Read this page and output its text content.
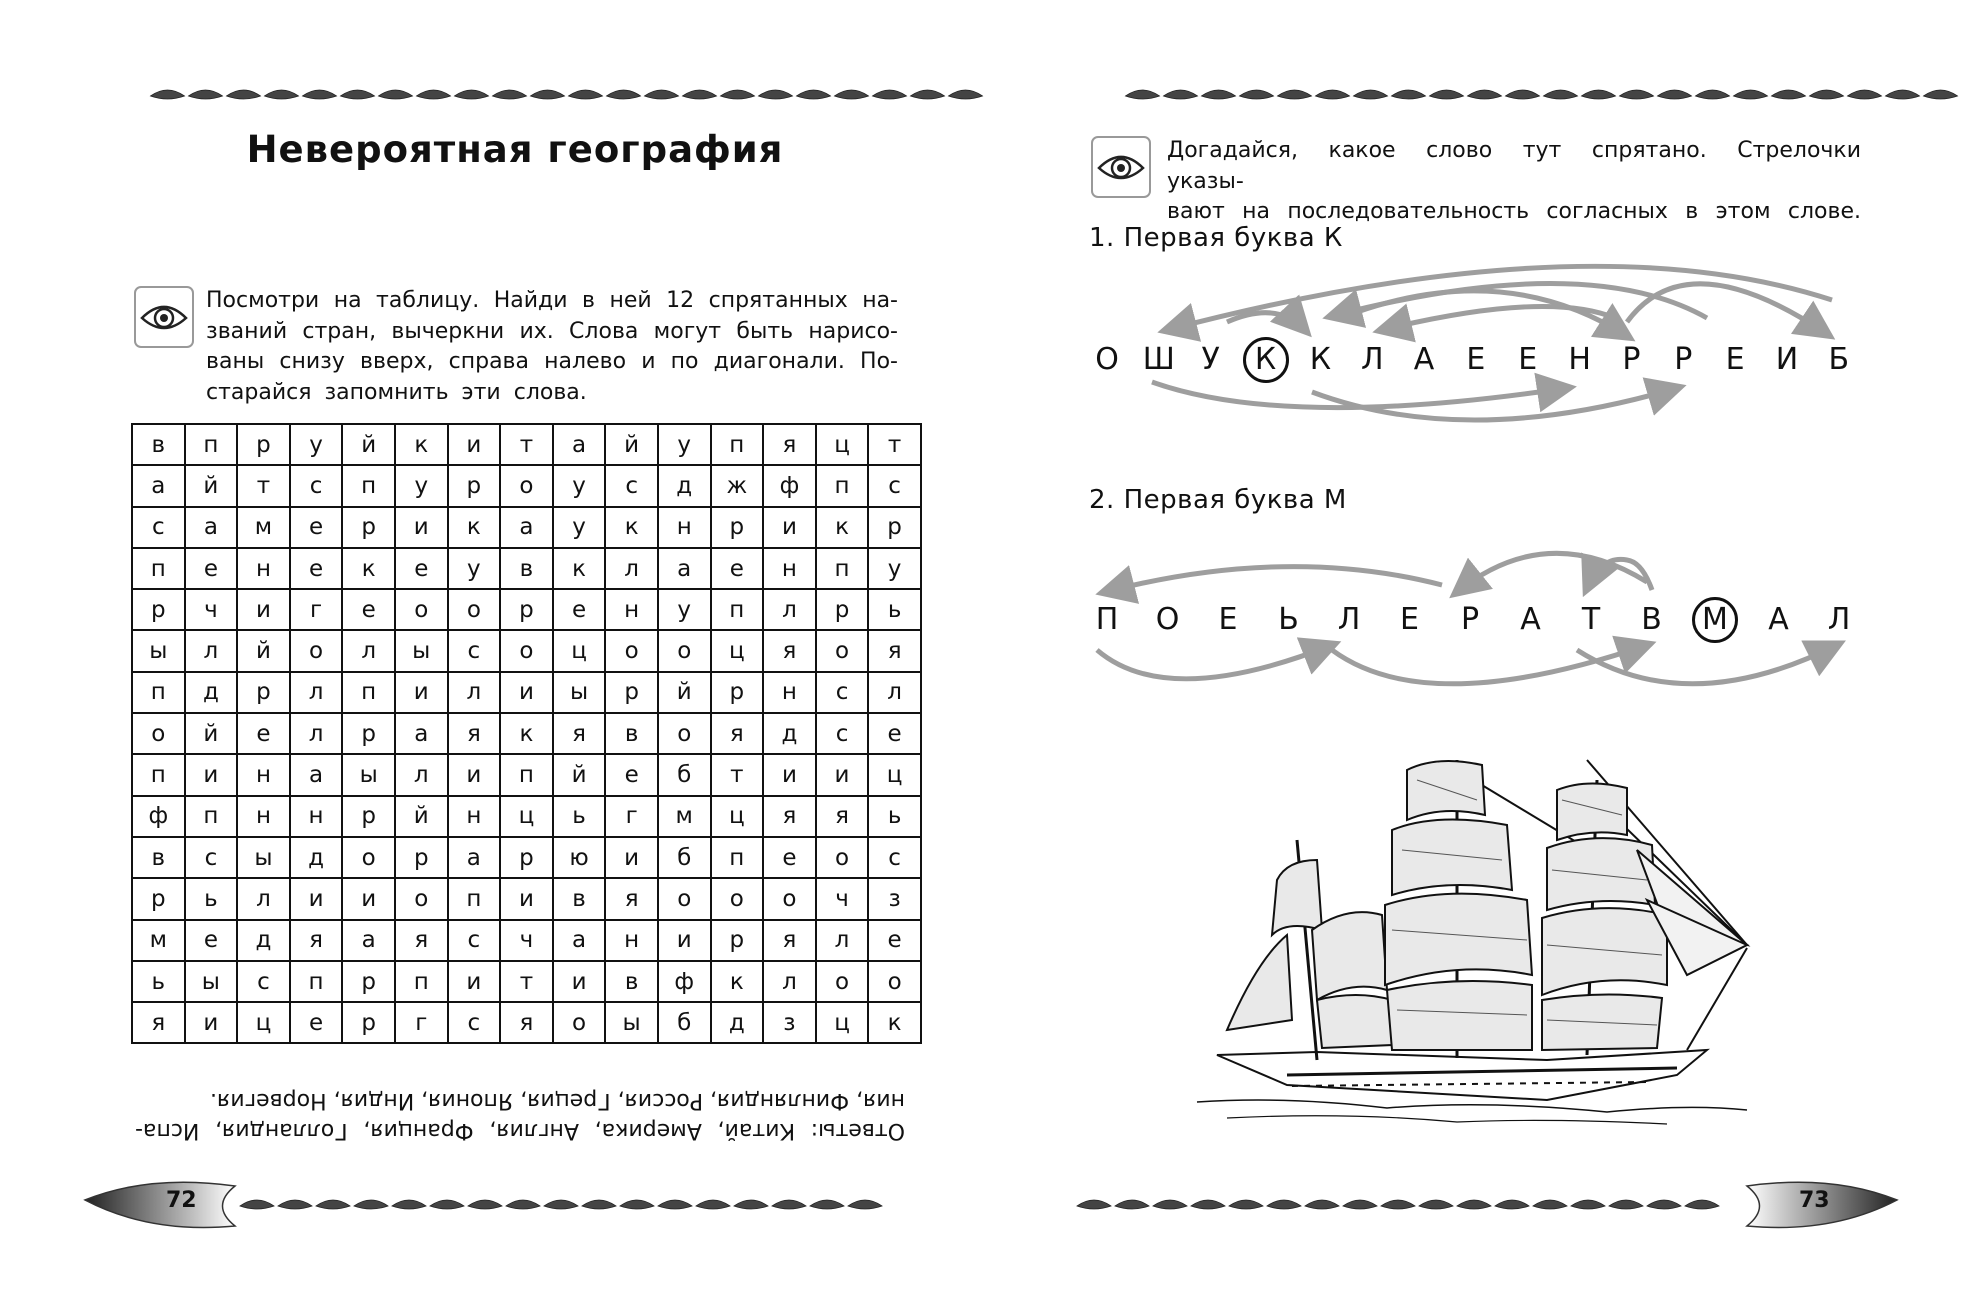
Невероятная география
Посмотри на таблицу. Найди в ней 12 спрятанных на-
званий стран, вычеркни их. Слова могут быть нарисо-
ваны снизу вверх, справа налево и по диагонали. По-
старайся запомнить эти слова.
в	п	р	у	й	к	и	т	а	й	у	п	я	ц	т
а	й	т	с	п	у	р	о	у	с	д	ж	ф	п	с
с	а	м	е	р	и	к	а	у	к	н	р	и	к	р
п	е	н	е	к	е	у	в	к	л	а	е	н	п	у
р	ч	и	г	е	о	о	р	е	н	у	п	л	р	ь
ы	л	й	о	л	ы	с	о	ц	о	о	ц	я	о	я
п	д	р	л	п	и	л	и	ы	р	й	р	н	с	л
о	й	е	л	р	а	я	к	я	в	о	я	д	с	е
п	и	н	а	ы	л	и	п	й	е	б	т	и	и	ц
ф	п	н	н	р	й	н	ц	ь	г	м	ц	я	я	ь
в	с	ы	д	о	р	а	р	ю	и	б	п	е	о	с
р	ь	л	и	и	о	п	и	в	я	о	о	о	ч	з
м	е	д	я	а	я	с	ч	а	н	и	р	я	л	е
ь	ы	с	п	р	п	и	т	и	в	ф	к	л	о	о
я	и	ц	е	р	г	с	я	о	ы	б	д	з	ц	к
Ответы: Китай, Америка, Англия, Франция, Голландия, Испа-
ния, Финляндия, Россия, Греция, Япония, Индия, Норвегия.
72
Догадайся, какое слово тут спрятано. Стрелочки указы-
вают на последовательность согласных в этом слове.
1. Первая буква К
2. Первая буква М
О Ш У	К	К Л	А	Е	Е	Н	Р	Р	Е	И	Б
П О	Е	Ь	Л	Е	Р	А	Т	В	М	А	Л
73
